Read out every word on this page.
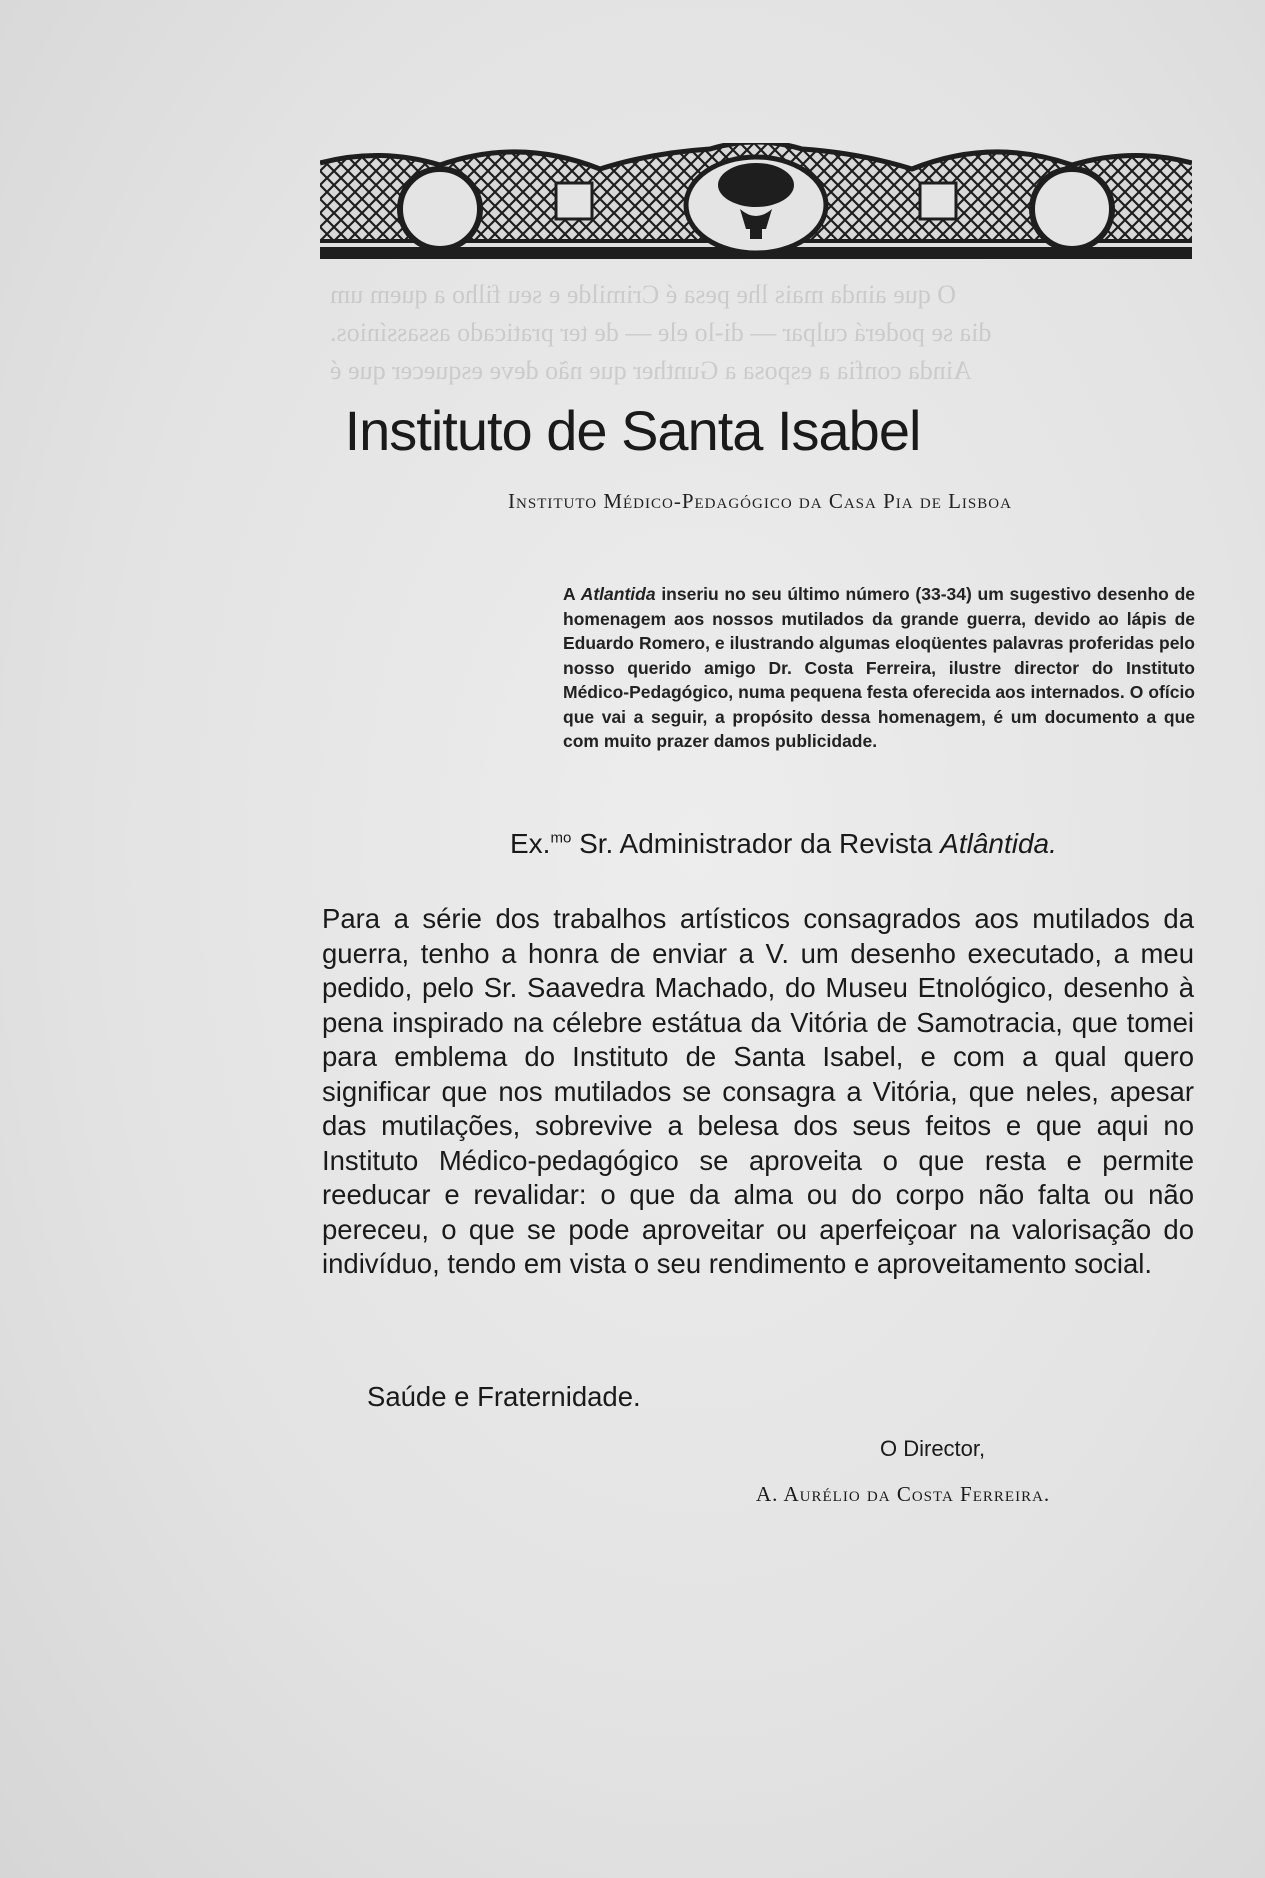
O que ainda mais lhe pesa é Crimilde e seu filho a quem um
dia se poderá culpar — di-lo ele — de ter praticado assassínios.
Ainda confia a esposa a Gunther que não deve esquecer que é
Instituto de Santa Isabel
Instituto Médico-Pedagógico da Casa Pia de Lisboa
A Atlantida inseriu no seu último número (33-34) um sugestivo desenho de homenagem aos nossos mutilados da grande guerra, devido ao lápis de Eduardo Romero, e ilustrando algumas eloqüentes palavras proferidas pelo nosso querido amigo Dr. Costa Ferreira, ilustre director do Instituto Médico-Pedagógico, numa pequena festa oferecida aos internados. O ofício que vai a seguir, a propósito dessa homenagem, é um documento a que com muito prazer damos publicidade.
Ex.$^{mo}$ Sr. Administrador da Revista Atlântida.
Para a série dos trabalhos artísticos consagrados aos mutilados da guerra, tenho a honra de enviar a V. um desenho executado, a meu pedido, pelo Sr. Saavedra Machado, do Museu Etnológico, desenho à pena inspirado na célebre estátua da Vitória de Samotracia, que tomei para emblema do Instituto de Santa Isabel, e com a qual quero significar que nos mutilados se consagra a Vitória, que neles, apesar das mutilações, sobrevive a belesa dos seus feitos e que aqui no Instituto Médico-pedagógico se aproveita o que resta e permite reeducar e revalidar: o que da alma ou do corpo não falta ou não pereceu, o que se pode aproveitar ou aperfeiçoar na valorisação do indivíduo, tendo em vista o seu rendimento e aproveitamento social.
Saúde e Fraternidade.
O Director,
A. Aurélio da Costa Ferreira.
